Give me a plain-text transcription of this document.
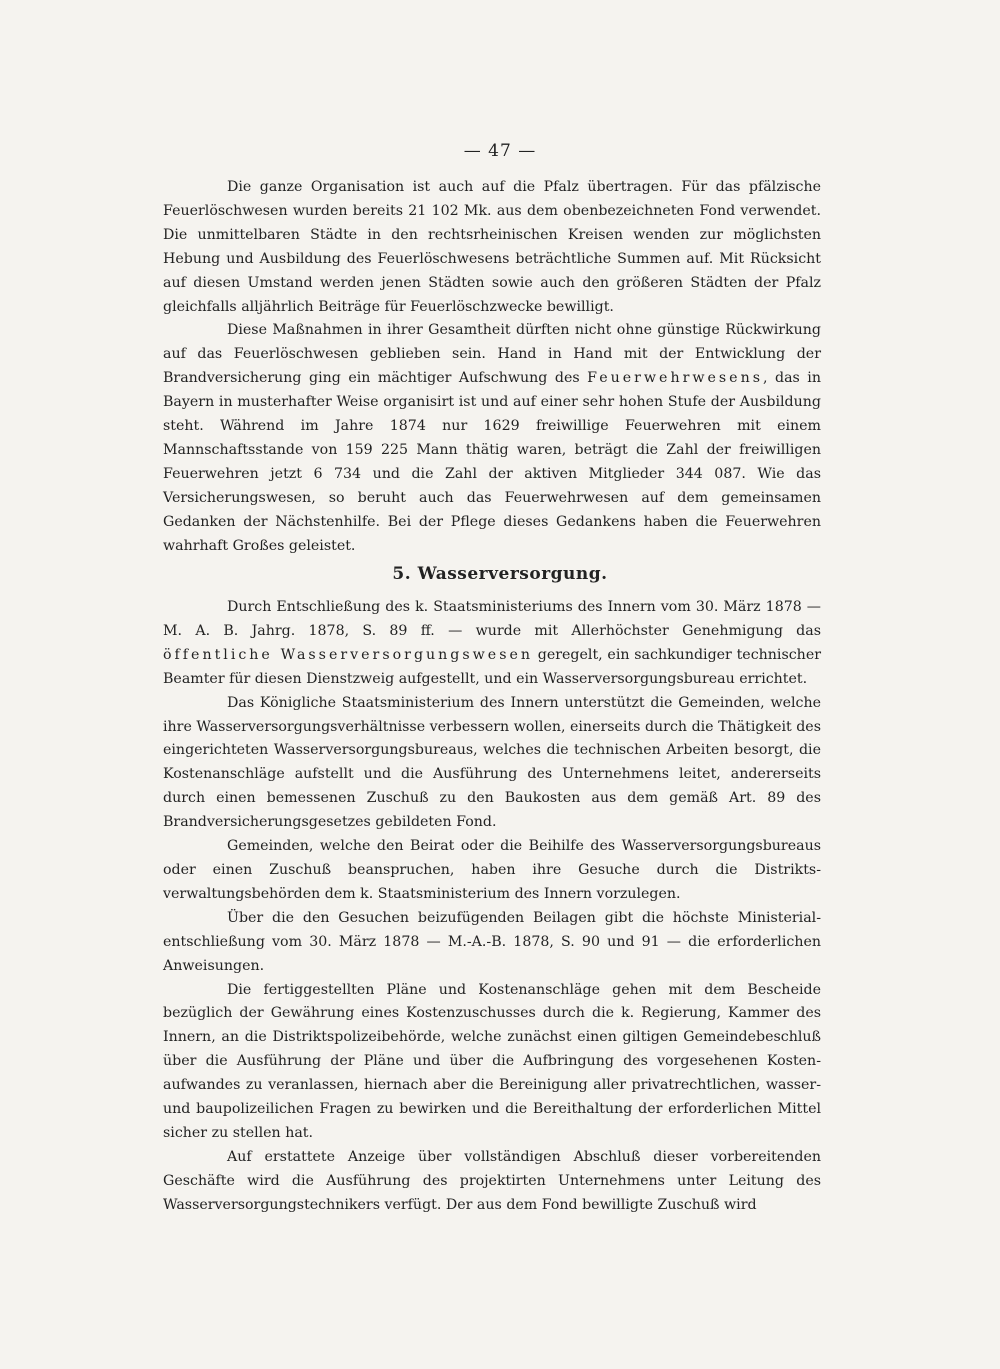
— 47 —

Die ganze Organisation ist auch auf die Pfalz übertragen. Für das pfälzische Feuerlöschwesen wurden bereits 21 102 Mk. aus dem obenbezeichneten Fond verwendet. Die unmittelbaren Städte in den rechtsrheinischen Kreisen wenden zur möglichsten Hebung und Ausbildung des Feuerlöschwesens beträchtliche Summen auf. Mit Rücksicht auf diesen Umstand werden jenen Städten sowie auch den größeren Städten der Pfalz gleichfalls alljährlich Beiträge für Feuerlöschzwecke bewilligt.

Diese Maßnahmen in ihrer Gesamtheit dürften nicht ohne günstige Rückwirkung auf das Feuerlöschwesen geblieben sein. Hand in Hand mit der Entwicklung der Brandversicherung ging ein mächtiger Aufschwung des Feuerwehrwesens, das in Bayern in musterhafter Weise organisirt ist und auf einer sehr hohen Stufe der Ausbildung steht. Während im Jahre 1874 nur 1629 freiwillige Feuerwehren mit einem Mannschaftsstande von 159 225 Mann thätig waren, beträgt die Zahl der freiwilligen Feuerwehren jetzt 6 734 und die Zahl der aktiven Mitglieder 344 087. Wie das Versicherungswesen, so beruht auch das Feuerwehrwesen auf dem gemeinsamen Gedanken der Nächstenhilfe. Bei der Pflege dieses Gedankens haben die Feuerwehren wahrhaft Großes geleistet.

5. Wasserversorgung.

Durch Entschließung des k. Staatsministeriums des Innern vom 30. März 1878 — M. A. B. Jahrg. 1878, S. 89 ff. — wurde mit Allerhöchster Genehmigung das öffentliche Wasserversorgungswesen geregelt, ein sachkundiger technischer Beamter für diesen Dienstzweig aufgestellt, und ein Wasserversorgungsbureau errichtet.

Das Königliche Staatsministerium des Innern unterstützt die Gemeinden, welche ihre Wasserversorgungsverhältnisse verbessern wollen, einerseits durch die Thätigkeit des eingerichteten Wasserversorgungsbureaus, welches die technischen Arbeiten besorgt, die Kostenanschläge aufstellt und die Ausführung des Unternehmens leitet, andererseits durch einen bemessenen Zuschuß zu den Baukosten aus dem gemäß Art. 89 des Brandversicherungsgesetzes gebildeten Fond.

Gemeinden, welche den Beirat oder die Beihilfe des Wasserversorgungsbureaus oder einen Zuschuß beanspruchen, haben ihre Gesuche durch die Distriktsverwaltungsbehörden dem k. Staatsministerium des Innern vorzulegen.

Über die den Gesuchen beizufügenden Beilagen gibt die höchste Ministerialentschließung vom 30. März 1878 — M.-A.-B. 1878, S. 90 und 91 — die erforderlichen Anweisungen.

Die fertiggestellten Pläne und Kostenanschläge gehen mit dem Bescheide bezüglich der Gewährung eines Kostenzuschusses durch die k. Regierung, Kammer des Innern, an die Distriktspolizeibehörde, welche zunächst einen giltigen Gemeindebeschluß über die Ausführung der Pläne und über die Aufbringung des vorgesehenen Kostenaufwandes zu veranlassen, hiernach aber die Bereinigung aller privatrechtlichen, wasser- und baupolizeilichen Fragen zu bewirken und die Bereithaltung der erforderlichen Mittel sicher zu stellen hat.

Auf erstattete Anzeige über vollständigen Abschluß dieser vorbereitenden Geschäfte wird die Ausführung des projektirten Unternehmens unter Leitung des Wasserversorgungstechnikers verfügt. Der aus dem Fond bewilligte Zuschuß wird
